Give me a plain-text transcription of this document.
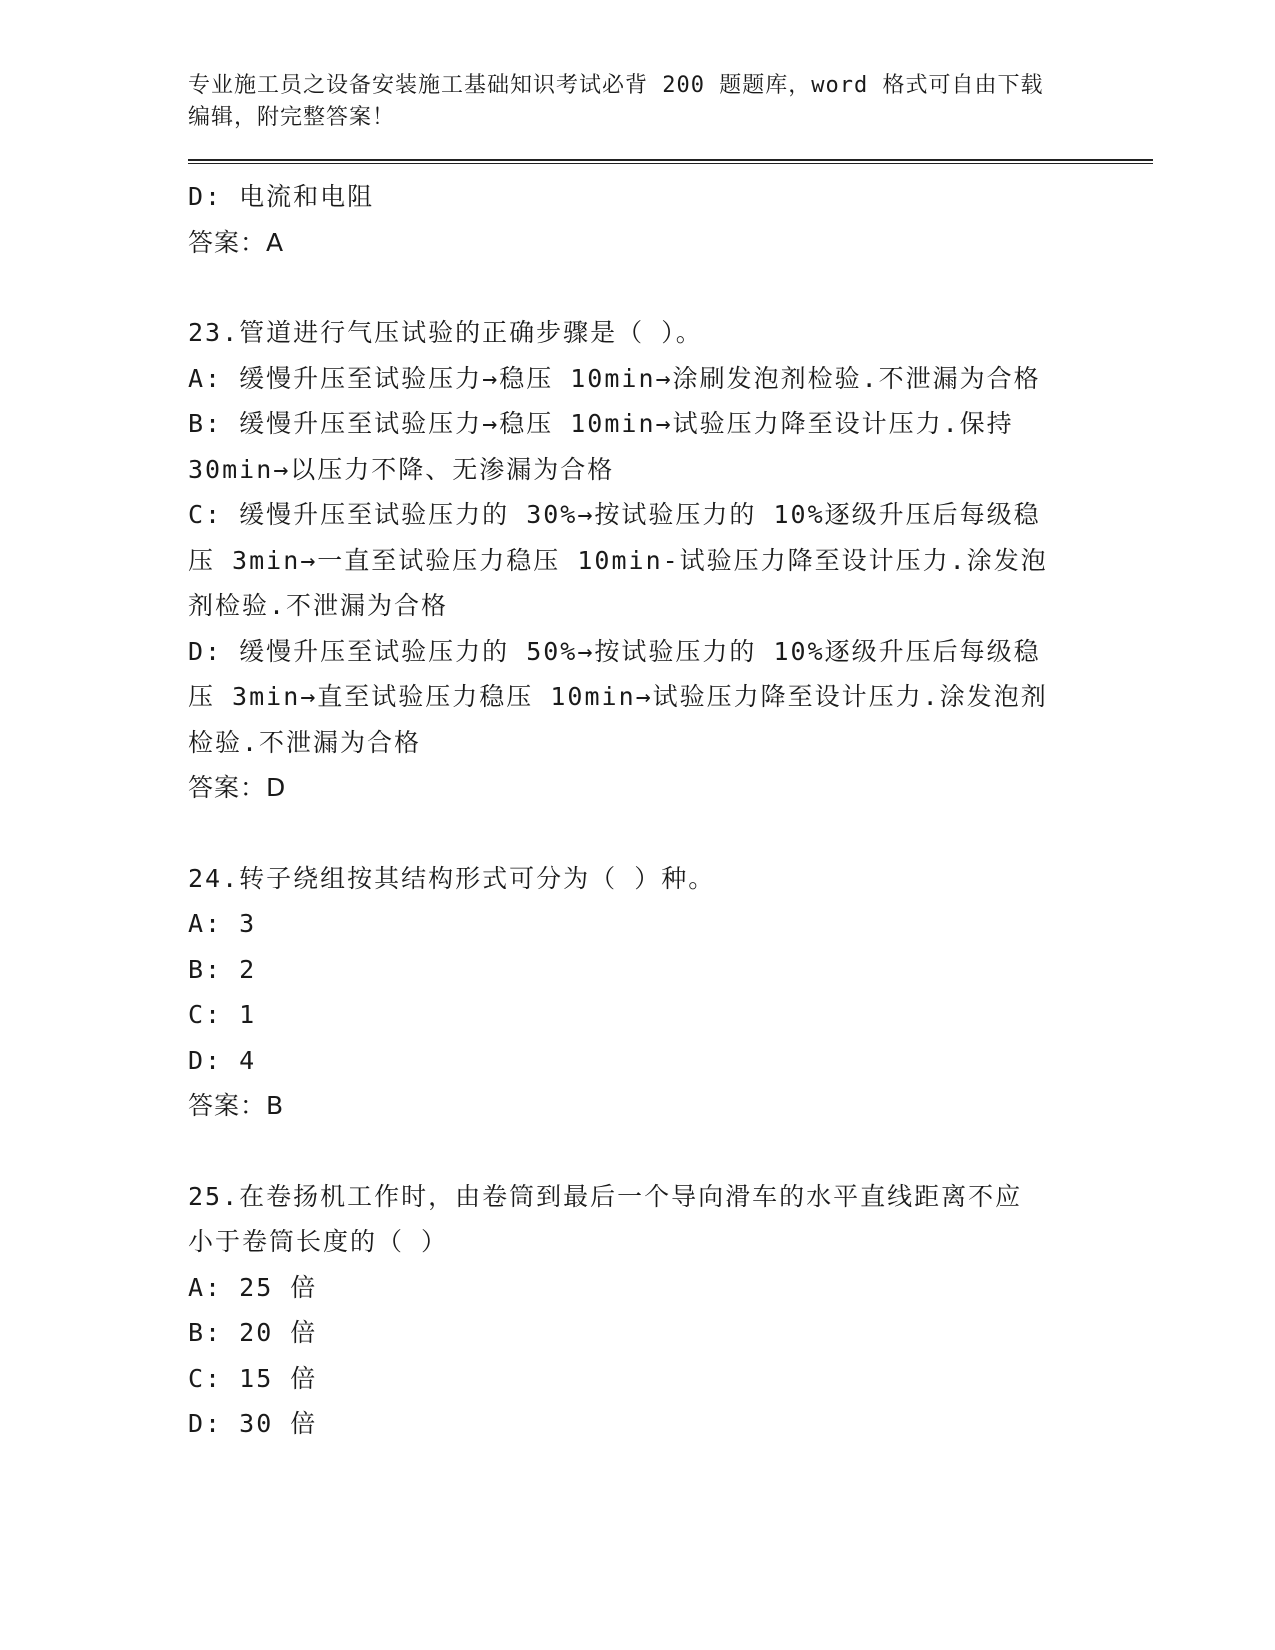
专业施工员之设备安装施工基础知识考试必背 200 题题库，word 格式可自由下载
编辑，附完整答案！
D: 电流和电阻
答案：A
23.管道进行气压试验的正确步骤是（ ）。
A: 缓慢升压至试验压力→稳压 10min→涂刷发泡剂检验.不泄漏为合格
B: 缓慢升压至试验压力→稳压 10min→试验压力降至设计压力.保持
30min→以压力不降、无渗漏为合格
C: 缓慢升压至试验压力的 30%→按试验压力的 10%逐级升压后每级稳
压 3min→一直至试验压力稳压 10min-试验压力降至设计压力.涂发泡
剂检验.不泄漏为合格
D: 缓慢升压至试验压力的 50%→按试验压力的 10%逐级升压后每级稳
压 3min→直至试验压力稳压 10min→试验压力降至设计压力.涂发泡剂
检验.不泄漏为合格
答案：D
24.转子绕组按其结构形式可分为（ ）种。
A: 3
B: 2
C: 1
D: 4
答案：B
25.在卷扬机工作时，由卷筒到最后一个导向滑车的水平直线距离不应
小于卷筒长度的（ ）
A: 25 倍
B: 20 倍
C: 15 倍
D: 30 倍
